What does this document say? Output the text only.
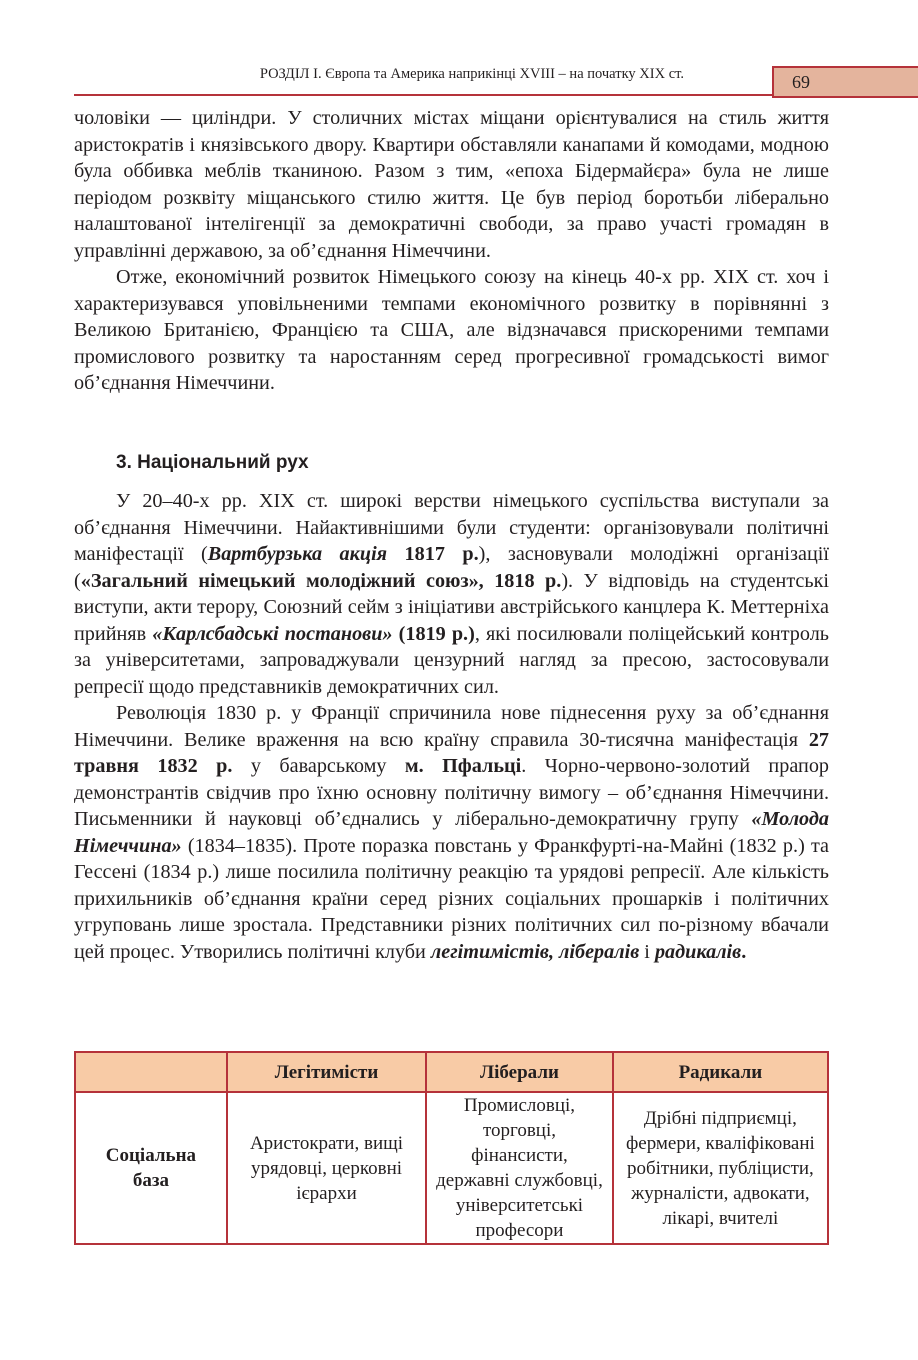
РОЗДІЛ І. Європа та Америка наприкінці XVIII – на початку ХІХ ст.	69

чоловіки — циліндри. У столичних містах міщани орієнтувалися на стиль життя аристократів і князівського двору. Квартири обставляли канапами й комодами, модною була оббивка меблів тканиною. Разом з тим, «епоха Бідермайєра» була не лише періодом розквіту міщанського стилю життя. Це був період боротьби ліберально налаштованої інтелігенції за демократичні свободи, за право участі громадян в управлінні державою, за об’єднання Німеччини.

Отже, економічний розвиток Німецького союзу на кінець 40-х рр. ХІХ ст. хоч і характеризувався уповільненими темпами економічного розвитку в порівнянні з Великою Британією, Францією та США, але відзначався прискореними темпами промислового розвитку та наростанням серед прогресивної громадськості вимог об’єднання Німеччини.

3. Національний рух

У 20–40-х рр. ХІХ ст. широкі верстви німецького суспільства виступали за об’єднання Німеччини. Найактивнішими були студенти: організовували політичні маніфестації (Вартбурзька акція 1817 р.), засновували молодіжні організації («Загальний німецький молодіжний союз», 1818 р.). У відповідь на студентські виступи, акти терору, Союзний сейм з ініціативи австрійського канцлера К. Меттерніха прийняв «Карлсбадські постанови» (1819 р.), які посилювали поліцейський контроль за університетами, запроваджували цензурний нагляд за пресою, застосовували репресії щодо представників демократичних сил.

Революція 1830 р. у Франції спричинила нове піднесення руху за об’єднання Німеччини. Велике враження на всю країну справила 30-тисячна маніфестація 27 травня 1832 р. у баварському м. Пфальці. Чорно-червоно-золотий прапор демонстрантів свідчив про їхню основну політичну вимогу – об’єднання Німеччини. Письменники й науковці об’єднались у ліберально-демократичну групу «Молода Німеччина» (1834–1835). Проте поразка повстань у Франкфурті-на-Майні (1832 р.) та Гессені (1834 р.) лише посилила політичну реакцію та урядові репресії. Але кількість прихильників об’єднання країни серед різних соціальних прошарків і політичних угруповань лише зростала. Представники різних політичних сил по-різному вбачали цей процес. Утворились політичні клуби легітимістів, лібералів і радикалів.

	Легітимісти	Ліберали	Радикали
Соціальна база	Аристократи, вищі урядовці, церковні ієрархи	Промисловці, торговці, фінансисти, державні службовці, університетські професори	Дрібні підприємці, фермери, кваліфіковані робітники, публіцисти, журналісти, адвокати, лікарі, вчителі
